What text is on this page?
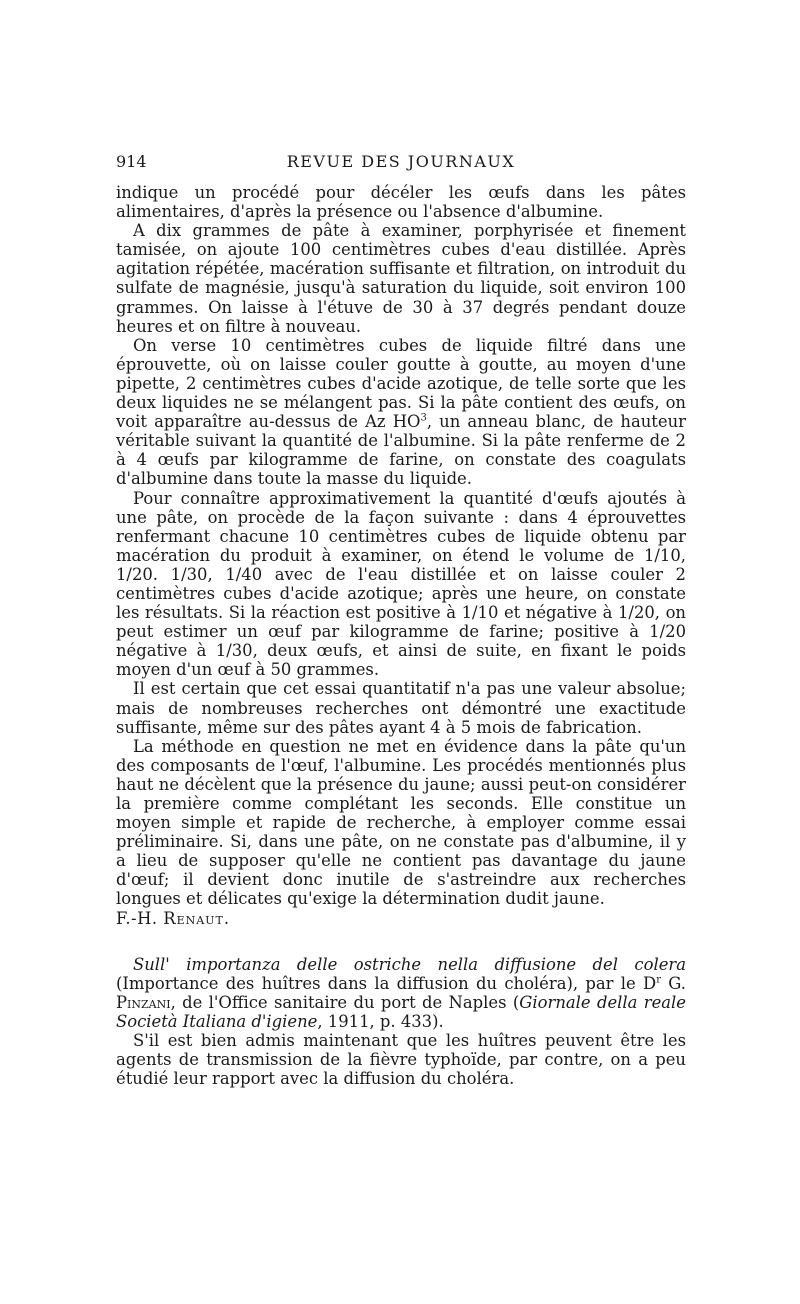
914	REVUE DES JOURNAUX

indique un procédé pour décéler les œufs dans les pâtes alimentaires, d'après la présence ou l'absence d'albumine.

A dix grammes de pâte à examiner, porphyrisée et finement tamisée, on ajoute 100 centimètres cubes d'eau distillée. Après agitation répétée, macération suffisante et filtration, on introduit du sulfate de magnésie, jusqu'à saturation du liquide, soit environ 100 grammes. On laisse à l'étuve de 30 à 37 degrés pendant douze heures et on filtre à nouveau.

On verse 10 centimètres cubes de liquide filtré dans une éprouvette, où on laisse couler goutte à goutte, au moyen d'une pipette, 2 centimètres cubes d'acide azotique, de telle sorte que les deux liquides ne se mélangent pas. Si la pâte contient des œufs, on voit apparaître au-dessus de Az $HO^3$, un anneau blanc, de hauteur véritable suivant la quantité de l'albumine. Si la pâte renferme de 2 à 4 œufs par kilogramme de farine, on constate des coagulats d'albumine dans toute la masse du liquide.

Pour connaître approximativement la quantité d'œufs ajoutés à une pâte, on procède de la façon suivante : dans 4 éprouvettes renfermant chacune 10 centimètres cubes de liquide obtenu par macération du produit à examiner, on étend le volume de 1/10, 1/20. 1/30, 1/40 avec de l'eau distillée et on laisse couler 2 centimètres cubes d'acide azotique; après une heure, on constate les résultats. Si la réaction est positive à 1/10 et négative à 1/20, on peut estimer un œuf par kilogramme de farine; positive à 1/20 négative à 1/30, deux œufs, et ainsi de suite, en fixant le poids moyen d'un œuf à 50 grammes.

Il est certain que cet essai quantitatif n'a pas une valeur absolue; mais de nombreuses recherches ont démontré une exactitude suffisante, même sur des pâtes ayant 4 à 5 mois de fabrication.

La méthode en question ne met en évidence dans la pâte qu'un des composants de l'œuf, l'albumine. Les procédés mentionnés plus haut ne décèlent que la présence du jaune; aussi peut-on considérer la première comme complétant les seconds. Elle constitue un moyen simple et rapide de recherche, à employer comme essai préliminaire. Si, dans une pâte, on ne constate pas d'albumine, il y a lieu de supposer qu'elle ne contient pas davantage du jaune d'œuf; il devient donc inutile de s'astreindre aux recherches longues et délicates qu'exige la détermination dudit jaune.

F.-H. Renaut.

Sull' importanza delle ostriche nella diffusione del colera (Importance des huîtres dans la diffusion du choléra), par le $D^r$ G. Pinzani, de l'Office sanitaire du port de Naples (Giornale della reale Società Italiana d'igiene, 1911, p. 433).

S'il est bien admis maintenant que les huîtres peuvent être les agents de transmission de la fièvre typhoïde, par contre, on a peu étudié leur rapport avec la diffusion du choléra.
